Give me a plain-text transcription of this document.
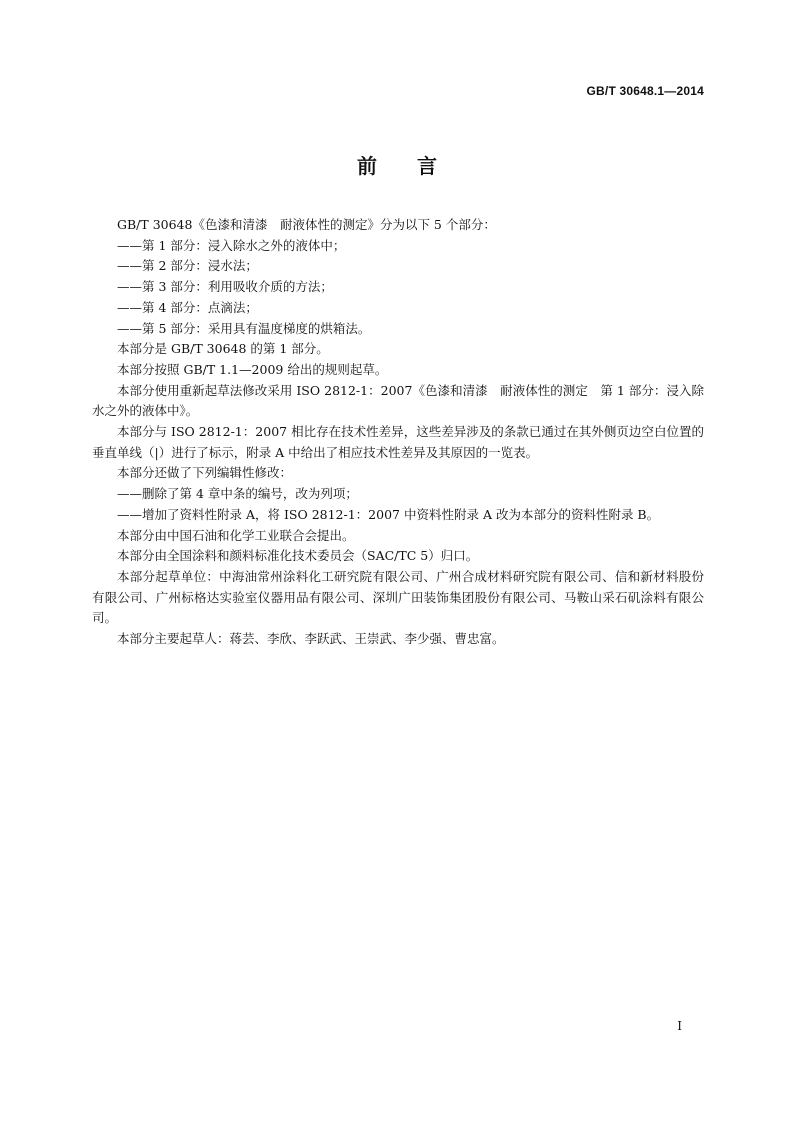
GB/T 30648.1—2014
前言

GB/T 30648《色漆和清漆　耐液体性的测定》分为以下 5 个部分：

——第 1 部分：浸入除水之外的液体中；

——第 2 部分：浸水法；

——第 3 部分：利用吸收介质的方法；

——第 4 部分：点滴法；

——第 5 部分：采用具有温度梯度的烘箱法。

本部分是 GB/T 30648 的第 1 部分。

本部分按照 GB/T 1.1—2009 给出的规则起草。

本部分使用重新起草法修改采用 ISO 2812-1：2007《色漆和清漆　耐液体性的测定　第 1 部分：浸入除水之外的液体中》。

本部分与 ISO 2812-1：2007 相比存在技术性差异，这些差异涉及的条款已通过在其外侧页边空白位置的垂直单线（|）进行了标示，附录 A 中给出了相应技术性差异及其原因的一览表。

本部分还做了下列编辑性修改：

——删除了第 4 章中条的编号，改为列项；

——增加了资料性附录 A，将 ISO 2812-1：2007 中资料性附录 A 改为本部分的资料性附录 B。

本部分由中国石油和化学工业联合会提出。

本部分由全国涂料和颜料标准化技术委员会（SAC/TC 5）归口。

本部分起草单位：中海油常州涂料化工研究院有限公司、广州合成材料研究院有限公司、信和新材料股份有限公司、广州标格达实验室仪器用品有限公司、深圳广田装饰集团股份有限公司、马鞍山采石矶涂料有限公司。

本部分主要起草人：蒋芸、李欣、李跃武、王崇武、李少强、曹忠富。

I
